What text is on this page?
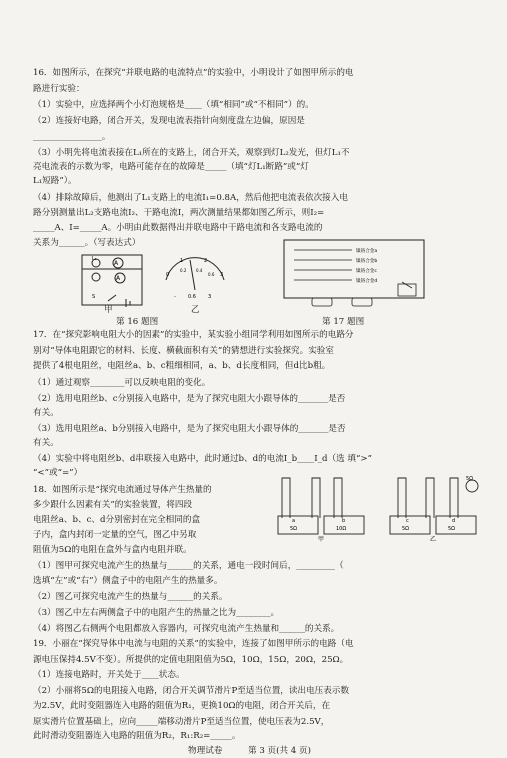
16．如图所示，在探究“并联电路的电流特点”的实验中，小明设计了如图甲所示的电
路进行实验：
（1）实验中，应选择两个小灯泡规格是____（填“相同”或“不相同”）的。
（2）连接好电路，闭合开关，发现电流表指针向刻度盘左边偏，原因是
________________。
（3）小明先将电流表接在L₁所在的支路上，闭合开关，观察到灯L₂发光，但灯L₁不
亮电流表的示数为零，电路可能存在的故障是_____（填“灯L₁断路”或“灯
L₁短路”）。
（4）排除故障后，他测出了L₁支路上的电流I₁=0.8A，然后他把电流表依次接入电
路分别测量出L₂支路电流I₂、干路电流I，两次测量结果都如图乙所示，则I₂=
_____A、I=_____A。小明由此数据得出并联电路中干路电流和各支路电流的
关系为______。（写表达式）
L₁
A
A
S
甲
0
1	2
3
0.2 0.4
0.6
- 0.6 3
乙
第 16 题图
镍铬合金a
镍铬合金b
镍铬合金c
镍铬合金d
第 17 题图
17．在“探究影响电阻大小的因素”的实验中，某实验小组同学利用如图所示的电路分
别对“导体电阻跟它的材料、长度、横截面积有关”的猜想进行实验探究。实验室
提供了4根电阻丝，电阻丝a、b、c粗细相同，a、b、d长度相同，但d比b粗。
（1）通过观察________可以反映电阻的变化。
（2）选用电阻丝b、c分别接入电路中，是为了探究电阻大小跟导体的_______是否
有关。
（3）选用电阻丝a、b分别接入电路中，是为了探究电阻大小跟导体的_______是否
有关。
（4）实验中将电阻丝b、d串联接入电路中，此时通过b、d的电流I_b____I_d（选 填“>”
“<”或“=”）
18．如图所示是“探究电流通过导体产生热量的
多少跟什么因素有关”的实验装置，将四段
电阻丝a、b、c、d分别密封在完全相同的盒
子内，盒内封闭一定量的空气，图乙中另取
阻值为5Ω的电阻在盒外与盒内电阻并联。
（1）图甲可探究电流产生的热量与______的关系，通电一段时间后，_________（
选填“左”或“右”）侧盒子中的电阻产生的热量多。
（2）图乙可探究电流产生的热量与______的关系。
（3）图乙中左右两侧盒子中的电阻产生的热量之比为________。
（4）将图乙右侧两个电阻都放入容器内，可探究电流产生热量和______的关系。
a	b	c	d
5Ω	10Ω	5Ω	5Ω
5Ω
甲	乙
19．小丽在“探究导体中电流与电阻的关系”的实验中，连接了如图甲所示的电路（电
源电压保持4.5V不变）。所提供的定值电阻阻值为5Ω，10Ω，15Ω，20Ω，25Ω。
（1）连接电路时，开关处于____状态。
（2）小丽将5Ω的电阻接入电路，闭合开关调节滑片P至适当位置，读出电压表示数
为2.5V，此时变阻器连入电路的阻值为R₁，更换10Ω的电阻，闭合开关后，在
原实滑片位置基础上，应向_____端移动滑片P至适当位置，使电压表为2.5V，
此时滑动变阻器连入电路的阻值为R₂，R₁:R₂=_____。
物理试卷	第 3 页(共 4 页)
